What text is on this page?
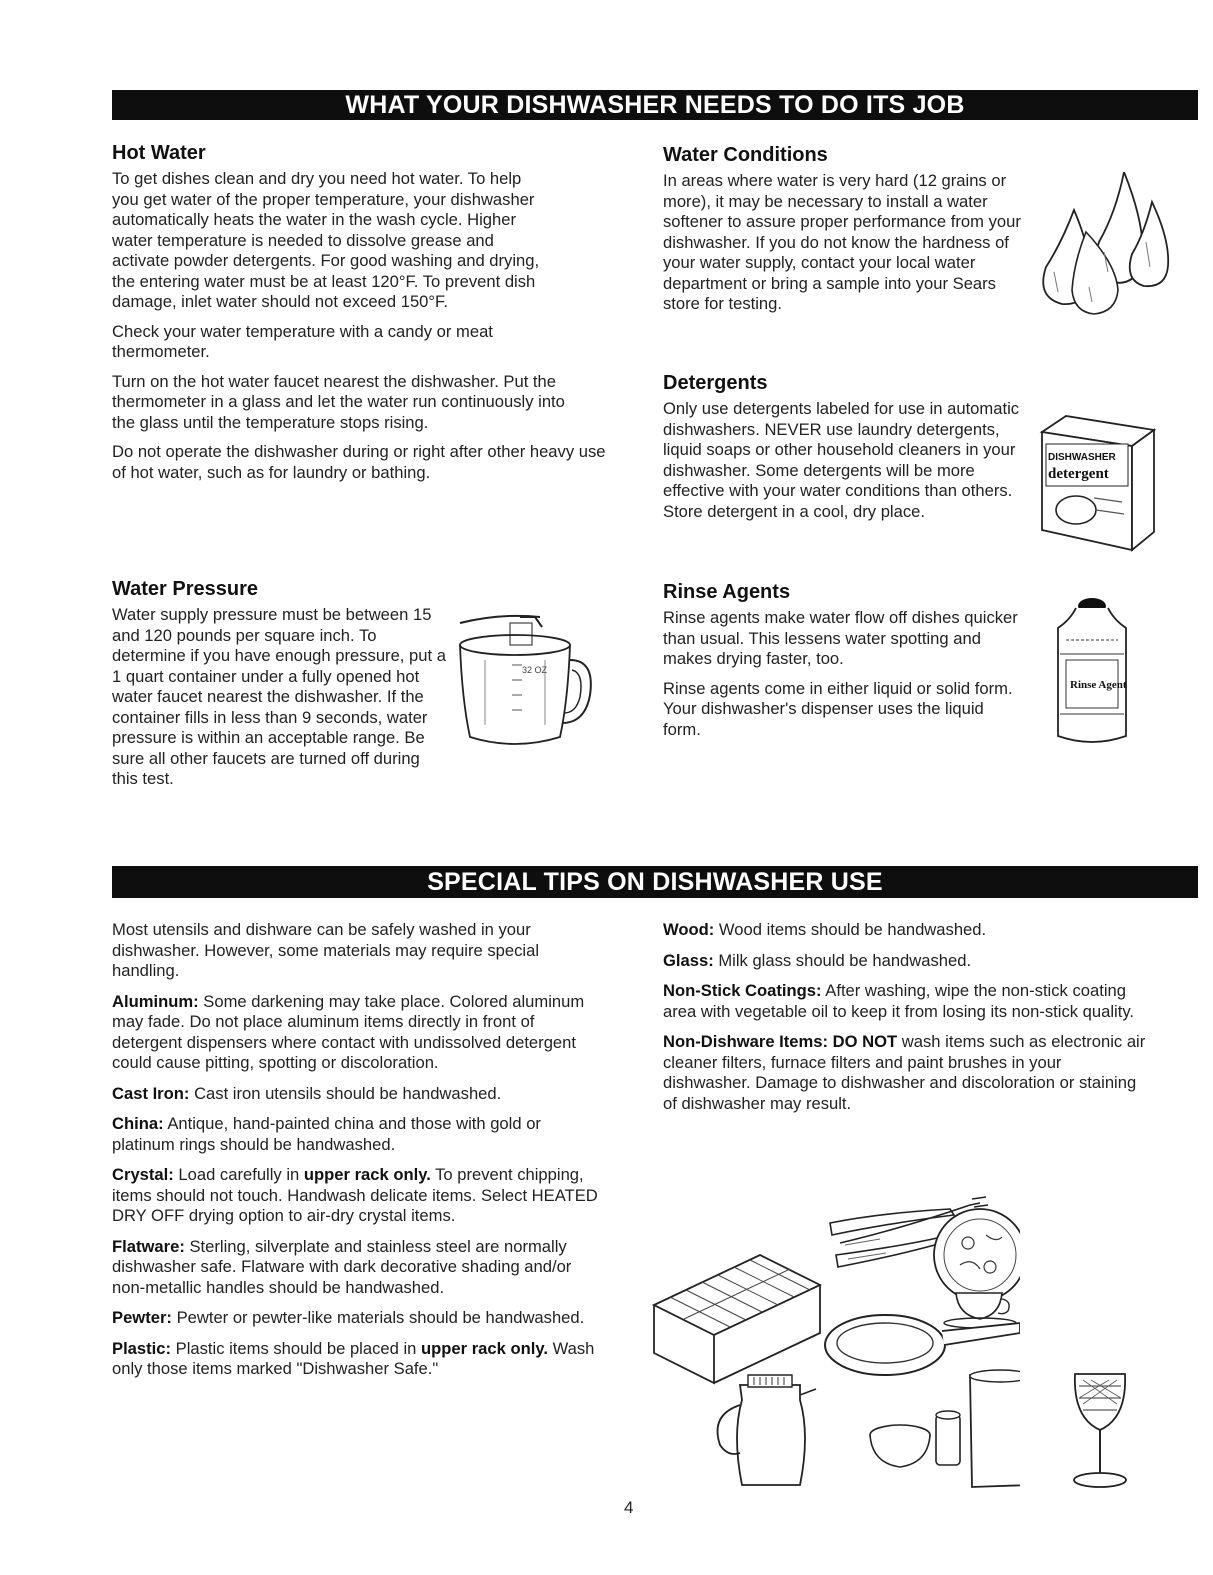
WHAT YOUR DISHWASHER NEEDS TO DO ITS JOB
Hot Water

To get dishes clean and dry you need hot water. To help you get water of the proper temperature, your dishwasher automatically heats the water in the wash cycle. Higher water temperature is needed to dissolve grease and activate powder detergents. For good washing and drying, the entering water must be at least 120°F. To prevent dish damage, inlet water should not exceed 150°F.

Check your water temperature with a candy or meat thermometer.

Turn on the hot water faucet nearest the dishwasher. Put the thermometer in a glass and let the water run continuously into the glass until the temperature stops rising.

Do not operate the dishwasher during or right after other heavy use of hot water, such as for laundry or bathing.

Water Pressure

Water supply pressure must be between 15 and 120 pounds per square inch. To determine if you have enough pressure, put a 1 quart container under a fully opened hot water faucet nearest the dishwasher. If the container fills in less than 9 seconds, water pressure is within an acceptable range. Be sure all other faucets are turned off during this test.

32 OZ
Water Conditions

In areas where water is very hard (12 grains or more), it may be necessary to install a water softener to assure proper performance from your dishwasher. If you do not know the hardness of your water supply, contact your local water department or bring a sample into your Sears store for testing.

Detergents

Only use detergents labeled for use in automatic dishwashers. NEVER use laundry detergents, liquid soaps or other household cleaners in your dishwasher. Some detergents will be more effective with your water conditions than others. Store detergent in a cool, dry place.

DISHWASHER
detergent
Rinse Agents

Rinse agents make water flow off dishes quicker than usual. This lessens water spotting and makes drying faster, too.

Rinse agents come in either liquid or solid form. Your dishwasher's dispenser uses the liquid form.

Rinse Agent
SPECIAL TIPS ON DISHWASHER USE

Most utensils and dishware can be safely washed in your dishwasher. However, some materials may require special handling.

Aluminum: Some darkening may take place. Colored aluminum may fade. Do not place aluminum items directly in front of detergent dispensers where contact with undissolved detergent could cause pitting, spotting or discoloration.

Cast Iron: Cast iron utensils should be handwashed.

China: Antique, hand-painted china and those with gold or platinum rings should be handwashed.

Crystal: Load carefully in upper rack only. To prevent chipping, items should not touch. Handwash delicate items. Select HEATED DRY OFF drying option to air-dry crystal items.

Flatware: Sterling, silverplate and stainless steel are normally dishwasher safe. Flatware with dark decorative shading and/or non-metallic handles should be handwashed.

Pewter: Pewter or pewter-like materials should be handwashed.

Plastic: Plastic items should be placed in upper rack only. Wash only those items marked "Dishwasher Safe."

Wood: Wood items should be handwashed.

Glass: Milk glass should be handwashed.

Non-Stick Coatings: After washing, wipe the non-stick coating area with vegetable oil to keep it from losing its non-stick quality.

Non-Dishware Items: DO NOT wash items such as electronic air cleaner filters, furnace filters and paint brushes in your dishwasher. Damage to dishwasher and discoloration or staining of dishwasher may result.

4
